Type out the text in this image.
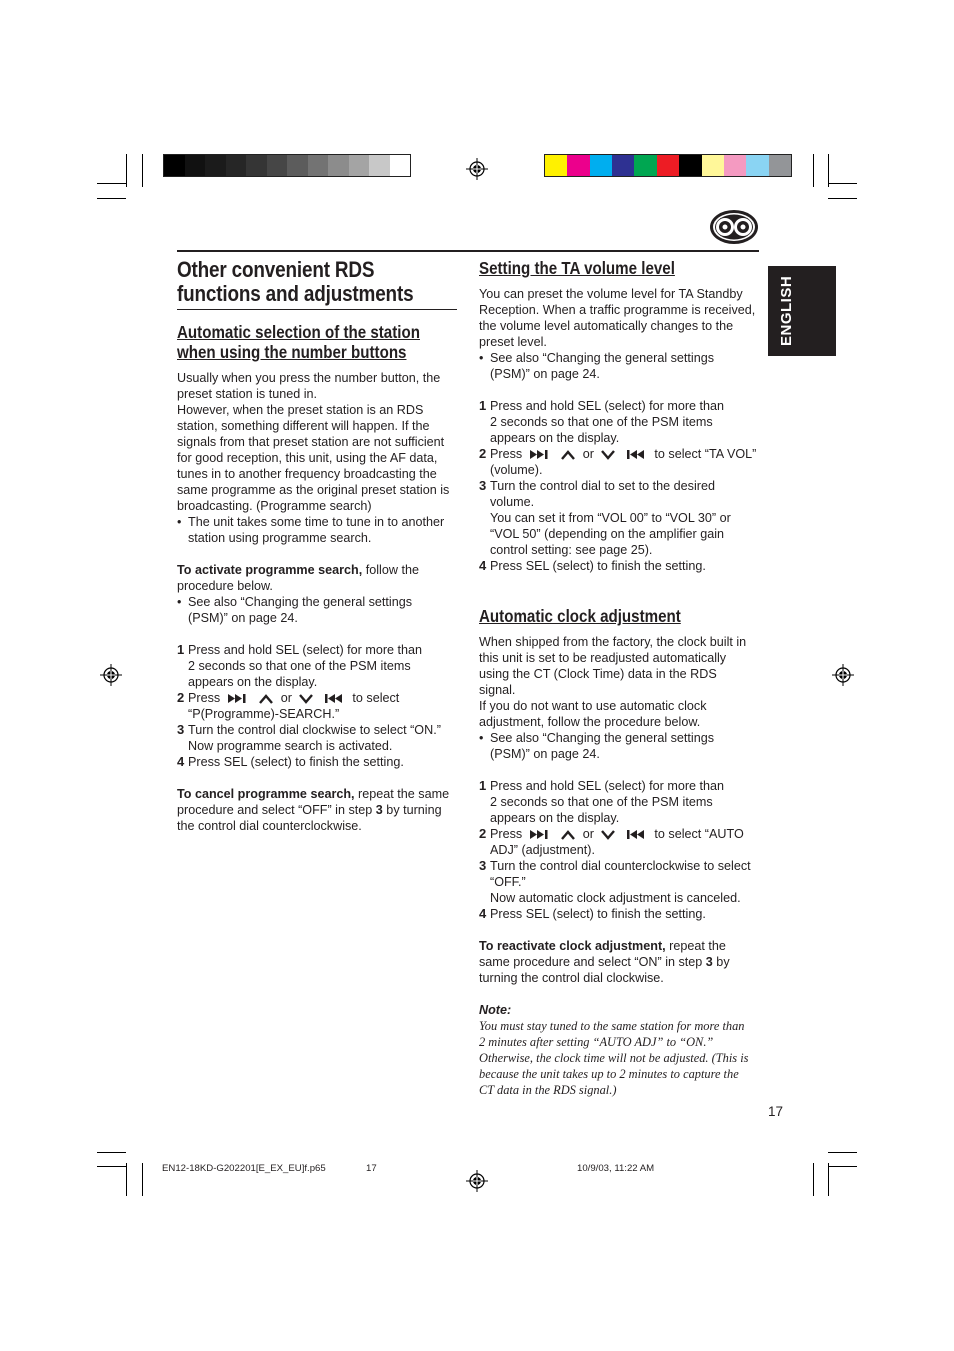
ENGLISH
Other convenient RDS
functions and adjustments
Automatic selection of the station
when using the number buttons
Usually when you press the number button, the
preset station is tuned in.
However, when the preset station is an RDS
station, something different will happen. If the
signals from that preset station are not sufficient
for good reception, this unit, using the AF data,
tunes in to another frequency broadcasting the
same programme as the original preset station is
broadcasting. (Programme search)
• The unit takes some time to tune in to another
station using programme search.
To activate programme search, follow the
procedure below.
• See also “Changing the general settings
(PSM)” on page 24.
1 Press and hold SEL (select) for more than
2 seconds so that one of the PSM items
appears on the display.
2 Press	or	to select
“P(Programme)-SEARCH.”
3 Turn the control dial clockwise to select “ON.”
Now programme search is activated.
4 Press SEL (select) to finish the setting.
To cancel programme search, repeat the same
procedure and select “OFF” in step 3 by turning
the control dial counterclockwise.
Setting the TA volume level
You can preset the volume level for TA Standby
Reception. When a traffic programme is received,
the volume level automatically changes to the
preset level.
• See also “Changing the general settings
(PSM)” on page 24.
1 Press and hold SEL (select) for more than
2 seconds so that one of the PSM items
appears on the display.
2 Press	or	to select “TA VOL”
(volume).
3 Turn the control dial to set to the desired
volume.
You can set it from “VOL 00” to “VOL 30” or
“VOL 50” (depending on the amplifier gain
control setting: see page 25).
4 Press SEL (select) to finish the setting.
Automatic clock adjustment
When shipped from the factory, the clock built in
this unit is set to be readjusted automatically
using the CT (Clock Time) data in the RDS
signal.
If you do not want to use automatic clock
adjustment, follow the procedure below.
• See also “Changing the general settings
(PSM)” on page 24.
1 Press and hold SEL (select) for more than
2 seconds so that one of the PSM items
appears on the display.
2 Press	or	to select “AUTO
ADJ” (adjustment).
3 Turn the control dial counterclockwise to select
“OFF.”
Now automatic clock adjustment is canceled.
4 Press SEL (select) to finish the setting.
To reactivate clock adjustment, repeat the
same procedure and select “ON” in step 3 by
turning the control dial clockwise.
Note:
You must stay tuned to the same station for more than
2 minutes after setting “AUTO ADJ” to “ON.”
Otherwise, the clock time will not be adjusted. (This is
because the unit takes up to 2 minutes to capture the
CT data in the RDS signal.)
17
EN12-18KD-G202201[E_EX_EU]f.p65	17	10/9/03, 11:22 AM
